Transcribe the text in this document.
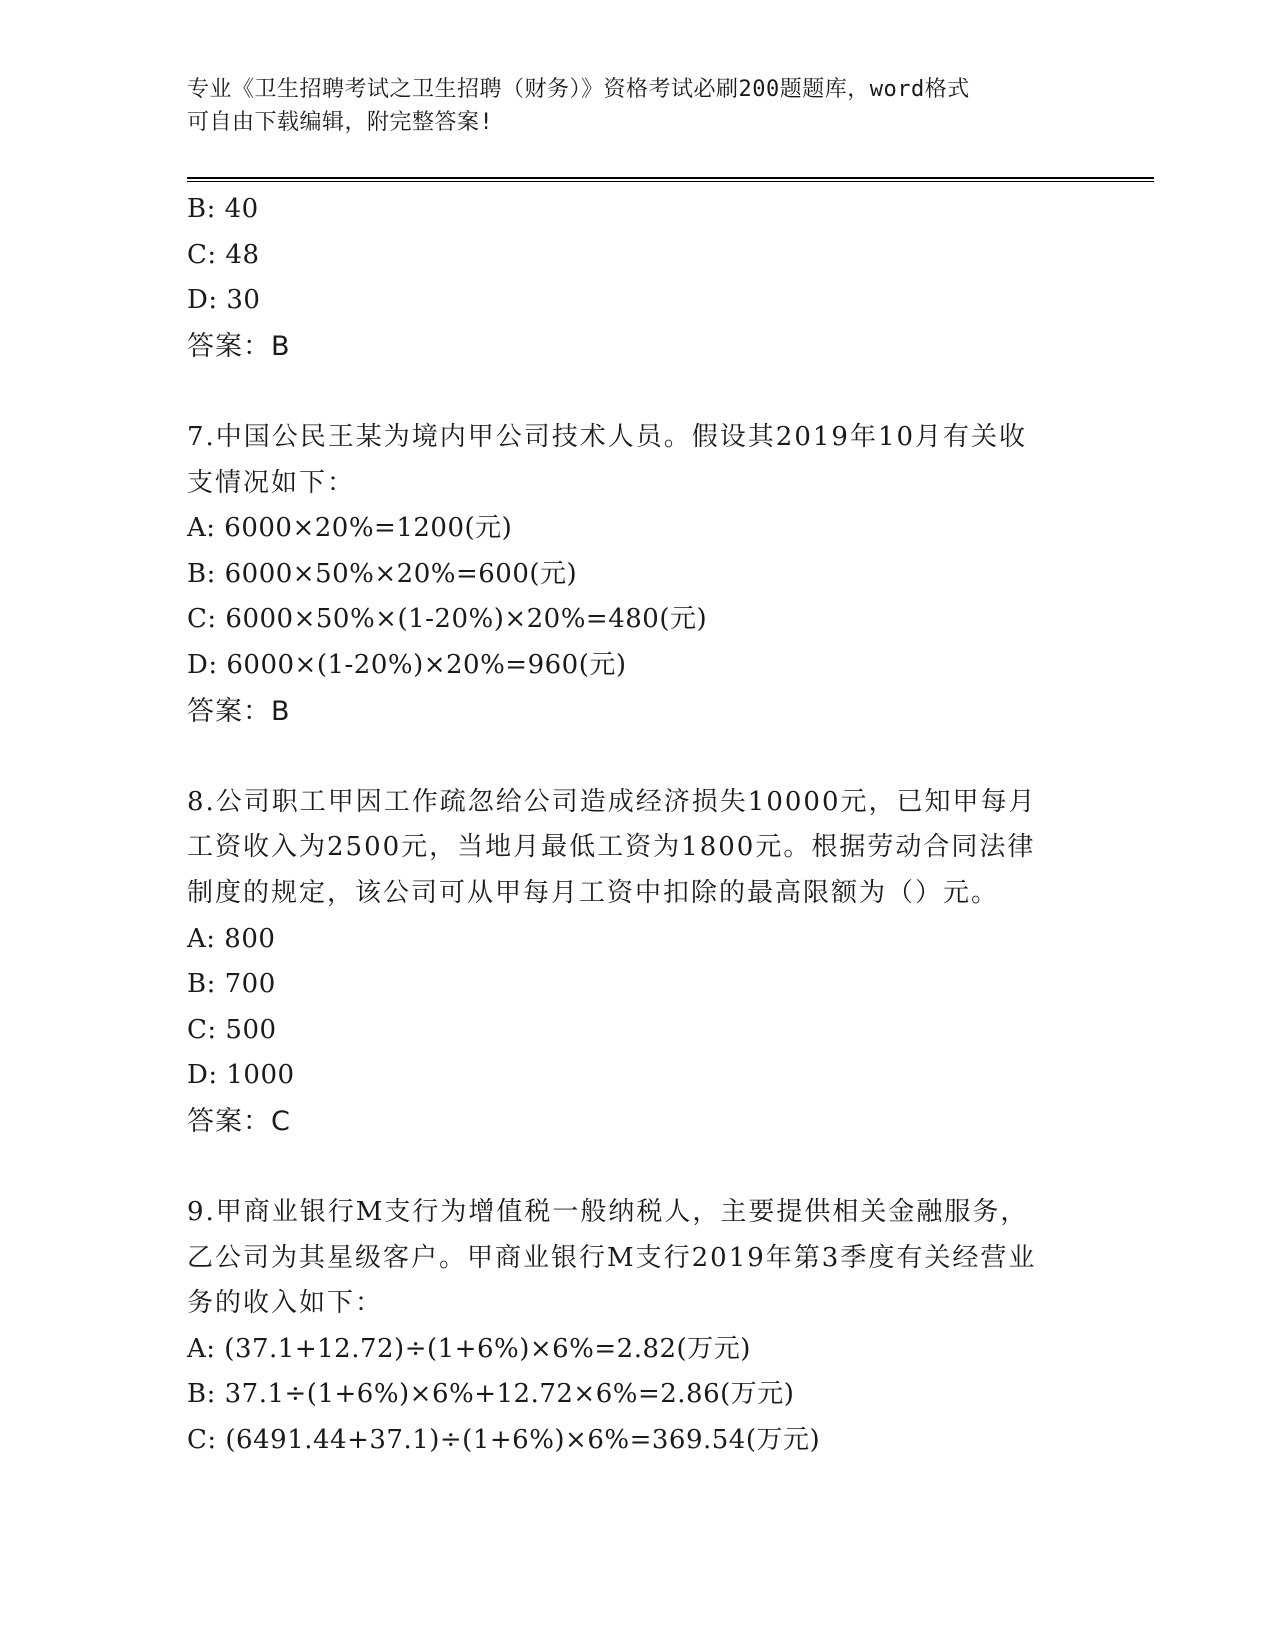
专业《卫生招聘考试之卫生招聘（财务）》资格考试必刷200题题库，word格式
可自由下载编辑，附完整答案!
B: 40
C: 48
D: 30
答案：B
7.中国公民王某为境内甲公司技术人员。假设其2019年10月有关收
支情况如下：
A: 6000×20%=1200(元)
B: 6000×50%×20%=600(元)
C: 6000×50%×(1-20%)×20%=480(元)
D: 6000×(1-20%)×20%=960(元)
答案：B
8.公司职工甲因工作疏忽给公司造成经济损失10000元，已知甲每月
工资收入为2500元，当地月最低工资为1800元。根据劳动合同法律
制度的规定，该公司可从甲每月工资中扣除的最高限额为（）元。
A: 800
B: 700
C: 500
D: 1000
答案：C
9.甲商业银行M支行为增值税一般纳税人，主要提供相关金融服务，
乙公司为其星级客户。甲商业银行M支行2019年第3季度有关经营业
务的收入如下：
A: (37.1+12.72)÷(1+6%)×6%=2.82(万元)
B: 37.1÷(1+6%)×6%+12.72×6%=2.86(万元)
C: (6491.44+37.1)÷(1+6%)×6%=369.54(万元)
